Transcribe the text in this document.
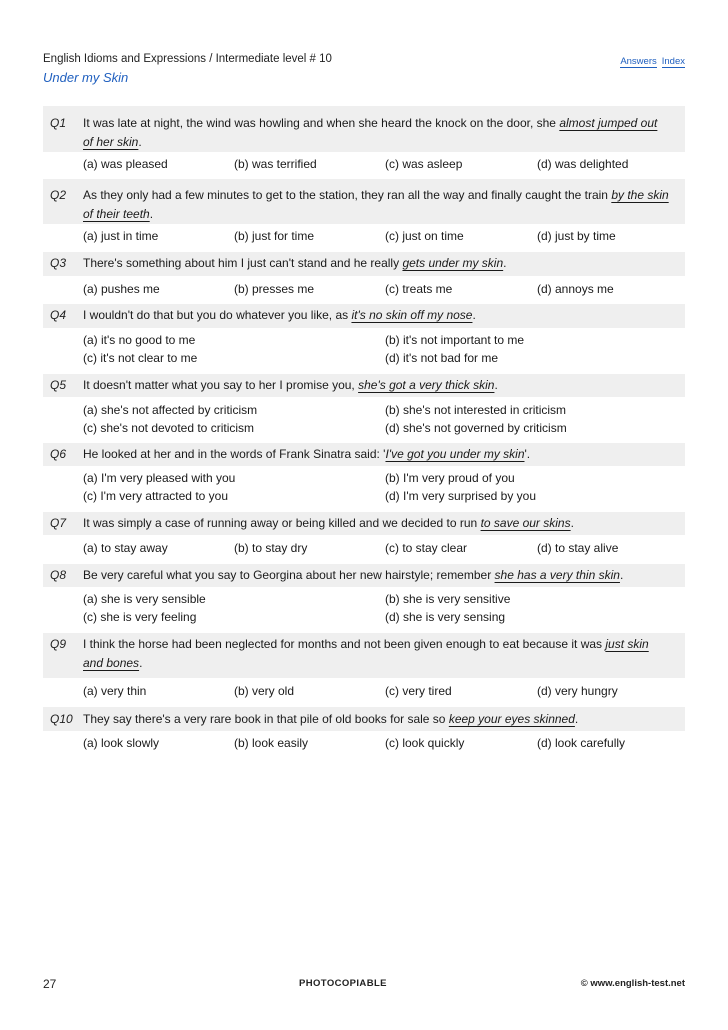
English Idioms and Expressions / Intermediate level # 10	Answers Index
Under my Skin
Q1 It was late at night, the wind was howling and when she heard the knock on the door, she almost jumped out
of her skin.
(a) was pleased	(b) was terrified	(c) was asleep	(d) was delighted
Q2 As they only had a few minutes to get to the station, they ran all the way and finally caught the train by the skin
of their teeth.
(a) just in time	(b) just for time	(c) just on time	(d) just by time
Q3 There's something about him I just can't stand and he really gets under my skin.
(a) pushes me	(b) presses me	(c) treats me	(d) annoys me
Q4 I wouldn't do that but you do whatever you like, as it's no skin off my nose.
(a) it's no good to me	(b) it's not important to me
(c) it's not clear to me	(d) it's not bad for me
Q5 It doesn't matter what you say to her I promise you, she's got a very thick skin.
(a) she's not affected by criticism	(b) she's not interested in criticism
(c) she's not devoted to criticism	(d) she's not governed by criticism
Q6 He looked at her and in the words of Frank Sinatra said: 'I've got you under my skin'.
(a) I'm very pleased with you	(b) I'm very proud of you
(c) I'm very attracted to you	(d) I'm very surprised by you
Q7 It was simply a case of running away or being killed and we decided to run to save our skins.
(a) to stay away	(b) to stay dry	(c) to stay clear	(d) to stay alive
Q8 Be very careful what you say to Georgina about her new hairstyle; remember she has a very thin skin.
(a) she is very sensible	(b) she is very sensitive
(c) she is very feeling	(d) she is very sensing
Q9 I think the horse had been neglected for months and not been given enough to eat because it was just skin
and bones.
(a) very thin	(b) very old	(c) very tired	(d) very hungry
Q10 They say there's a very rare book in that pile of old books for sale so keep your eyes skinned.
(a) look slowly	(b) look easily	(c) look quickly	(d) look carefully
27	PHOTOCOPIABLE	© www.english-test.net
